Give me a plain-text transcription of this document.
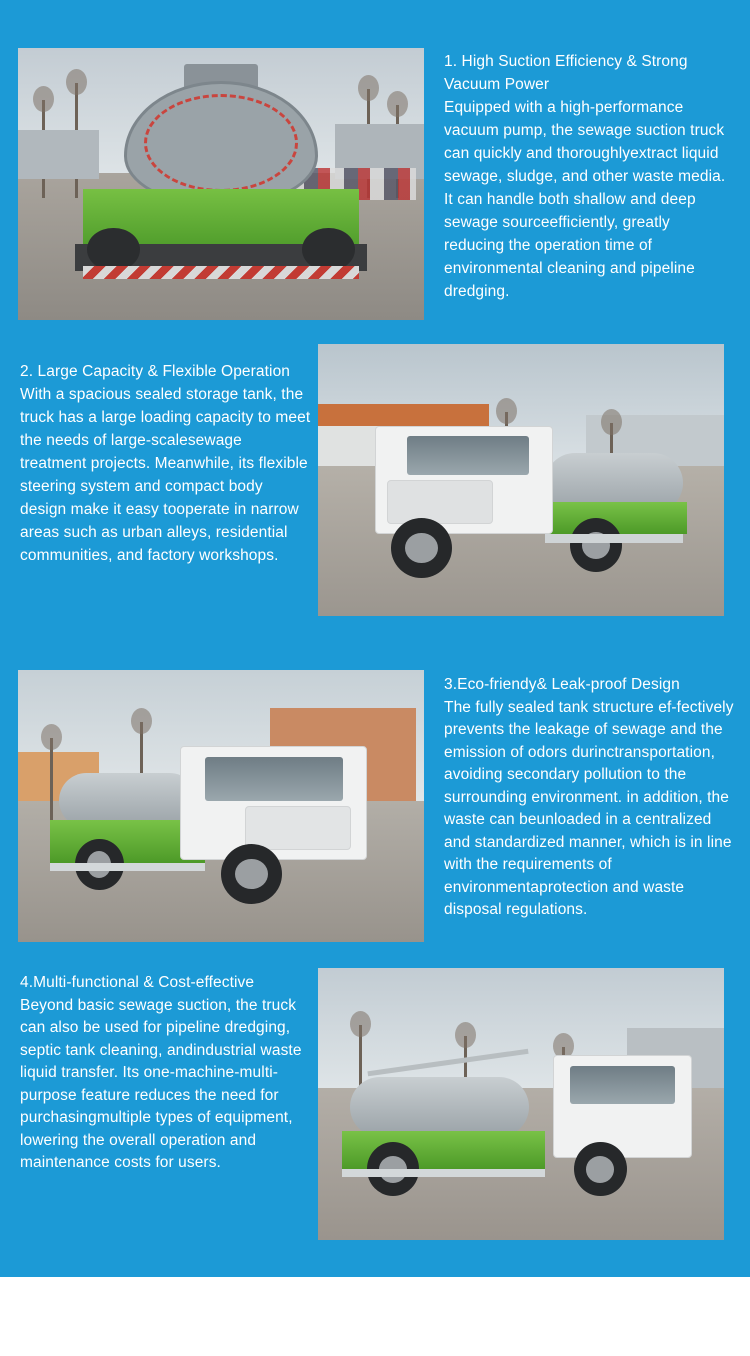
1. High Suction Efficiency & Strong Vacuum Power
Equipped with a high-performance vacuum pump, the sewage suction truck can quickly and thoroughlyextract liquid sewage, sludge, and other waste media. It can handle both shallow and deep sewage sourceefficiently, greatly reducing the operation time of environmental cleaning and pipeline dredging.
2. Large Capacity & Flexible Operation
With a spacious sealed storage tank, the truck has a large loading capacity to meet the needs of large-scalesewage treatment projects. Meanwhile, its flexible steering system and compact body design make it easy tooperate in narrow areas such as urban alleys, residential communities, and factory workshops.
3.Eco-friendy& Leak-proof Design
The fully sealed tank structure ef-fectively prevents the leakage of sewage and the emission of odors durinctransportation, avoiding secondary pollution to the surrounding environment. in addition, the waste can beunloaded in a centralized and standardized manner, which is in line with the requirements of environmentaprotection and waste disposal regulations.
4.Multi-functional & Cost-effective
Beyond basic sewage suction, the truck can also be used for pipeline dredging, septic tank cleaning, andindustrial waste liquid transfer. Its one-machine-multi-purpose feature reduces the need for purchasingmultiple types of equipment, lowering the overall operation and maintenance costs for users.
